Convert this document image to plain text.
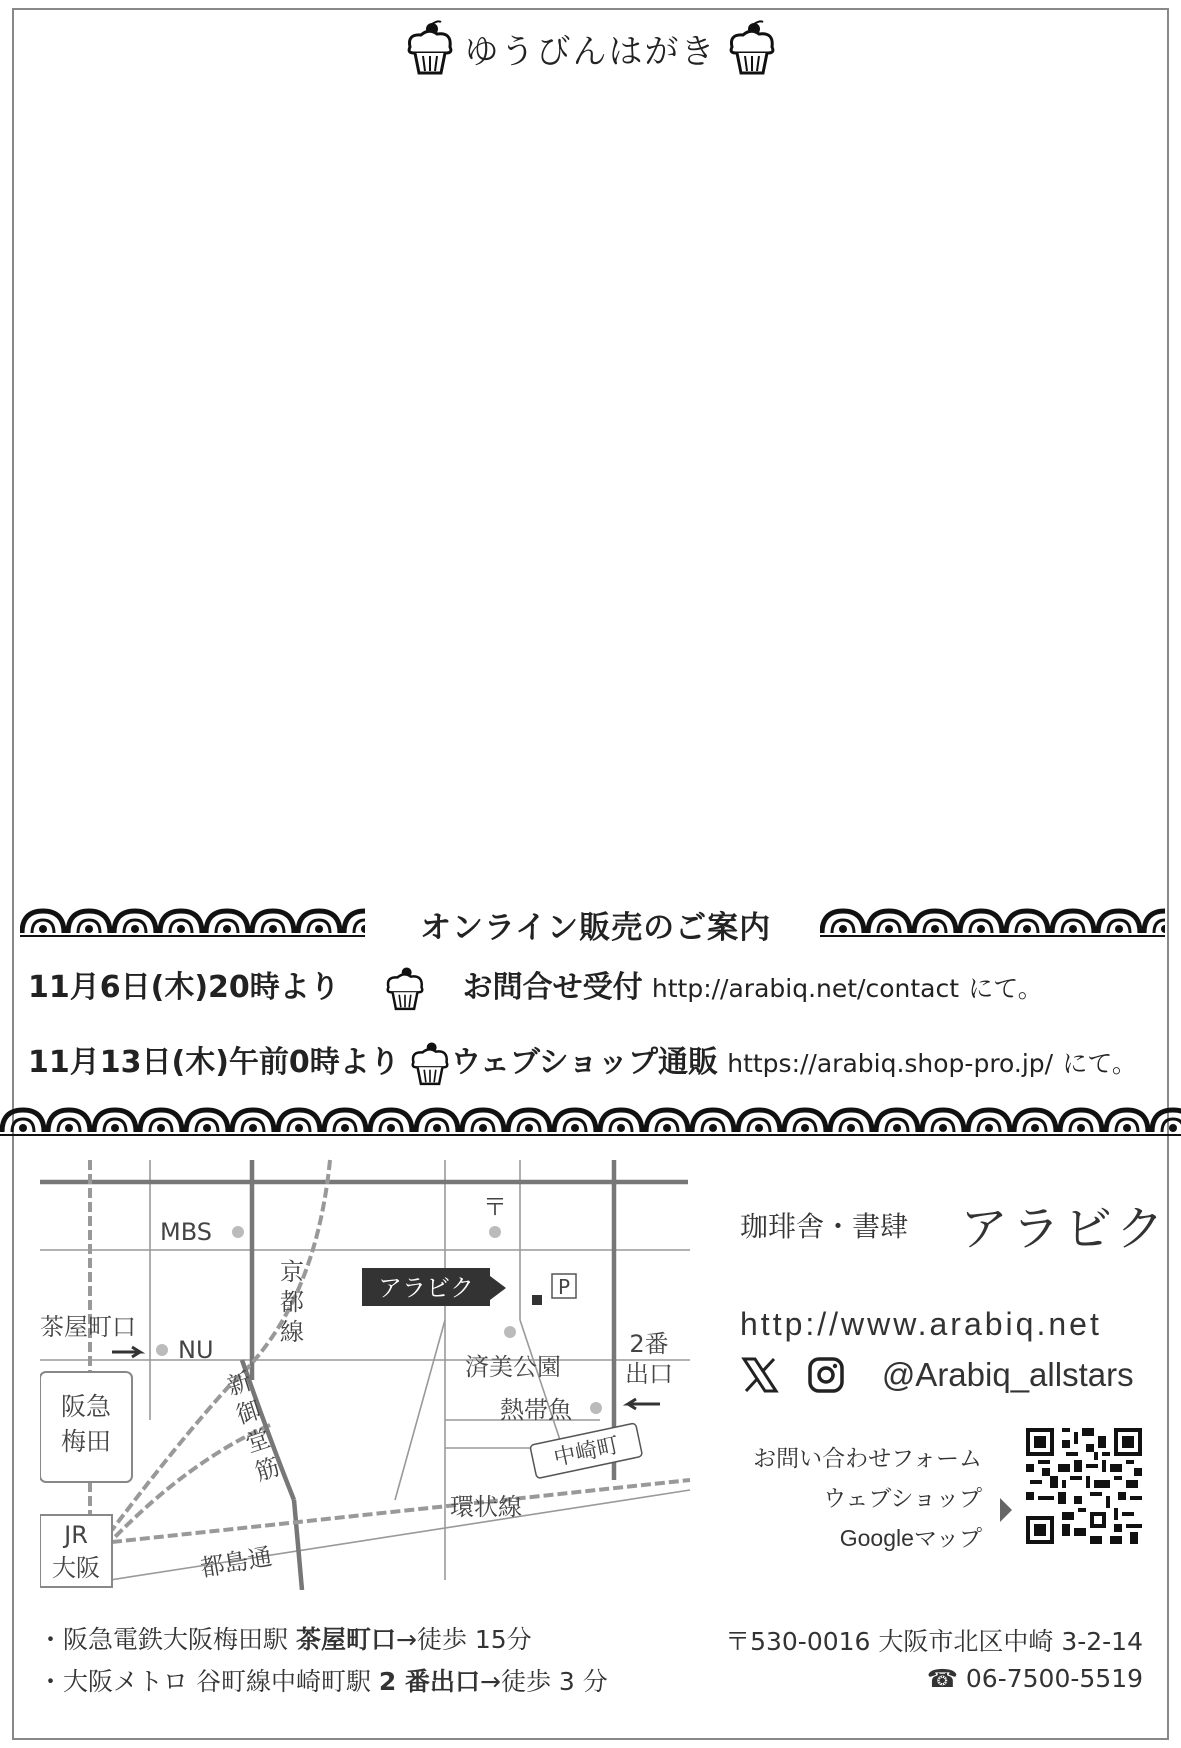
ゆうびんはがき
オンライン販売のご案内
11月6日(木)20時より	お問合せ受付 http://arabiq.net/contact にて。
11月13日(木)午前0時より ウェブショップ通販 https://arabiq.shop-pro.jp/ にて。
阪急
梅田
JR
大阪
MBS
〒
茶屋町口
NU
京
都
線
新
御
堂
筋
アラビク	P
済美公園
2番
出口
熱帯魚
中崎町
環状線
都島通
珈琲舎・書肆 アラビク
http://www.arabiq.net
@Arabiq_allstars
お問い合わせフォーム
ウェブショップ
Googleマップ
・阪急電鉄大阪梅田駅 茶屋町口→徒歩 15分
・大阪メトロ 谷町線中崎町駅 2 番出口→徒歩 3 分
〒530-0016 大阪市北区中崎 3-2-14
☎ 06-7500-5519
